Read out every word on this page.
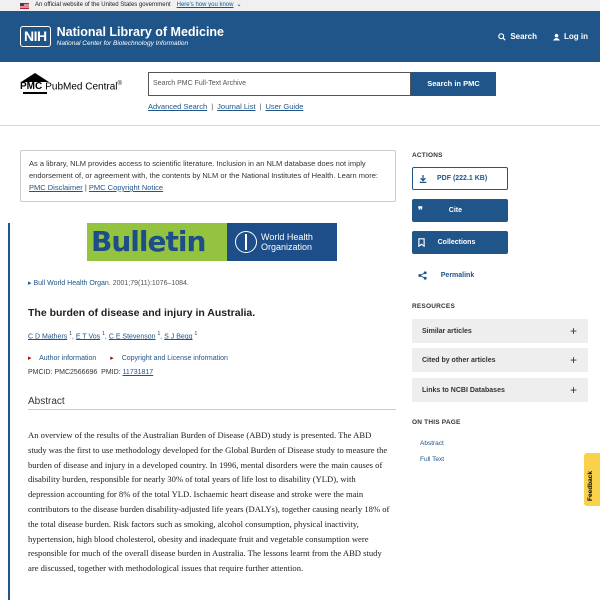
An official website of the United States government Here's how you know ⌄
NIH National Library of Medicine
National Center for Biotechnology Information
Search	Log in
PMC PubMed Central®	Search PMC Full-Text Archive	Search in PMC
Advanced Search | Journal List | User Guide
As a library, NLM provides access to scientific literature. Inclusion in an NLM database does not imply endorsement of, or agreement with, the contents by NLM or the National Institutes of Health. Learn more: PMC Disclaimer | PMC Copyright Notice
Bulletin	World Health
Organization
▸ Bull World Health Organ. 2001;79(11):1076–1084.
The burden of disease and injury in Australia.
C D Mathers $^1$, E T Vos $^1$, C E Stevenson $^1$, S J Begg $^1$
▸ Author information ▸ Copyright and License information
PMCID: PMC2566696 PMID: 11731817
Abstract
An overview of the results of the Australian Burden of Disease (ABD) study is presented. The ABD study was the first to use methodology developed for the Global Burden of Disease study to measure the burden of disease and injury in a developed country. In 1996, mental disorders were the main causes of disability burden, responsible for nearly 30% of total years of life lost to disability (YLD), with depression accounting for 8% of the total YLD. Ischaemic heart disease and stroke were the main contributors to the disease burden disability-adjusted life years (DALYs), together causing nearly 18% of the total disease burden. Risk factors such as smoking, alcohol consumption, physical inactivity, hypertension, high blood cholesterol, obesity and inadequate fruit and vegetable consumption were responsible for much of the overall disease burden in Australia. The lessons learnt from the ABD study are discussed, together with methodological issues that require further attention.
ACTIONS
PDF (222.1 KB)
❞	Cite
Collections
Permalink
RESOURCES
Similar articles	+
Cited by other articles	+
Links to NCBI Databases	+
ON THIS PAGE
Abstract
Full Text
Feedback
